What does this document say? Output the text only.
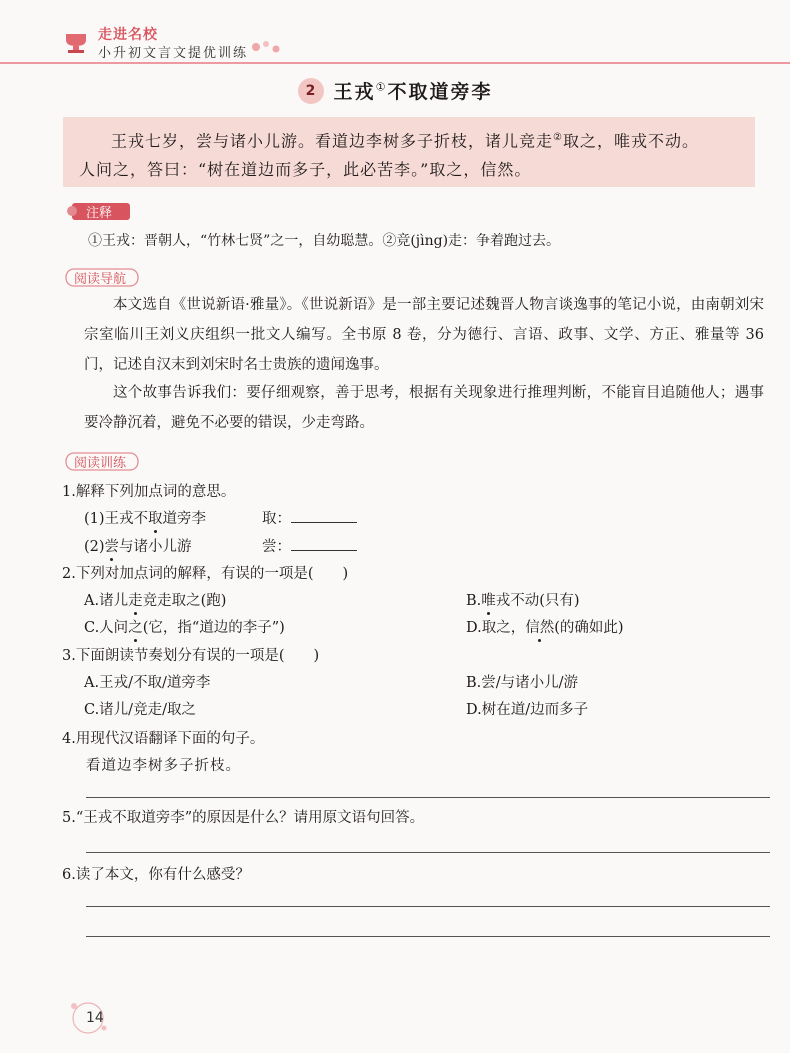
走进名校
小升初文言文提优训练
2 王戎①不取道旁李
王戎七岁，尝与诸小儿游。看道边李树多子折枝，诸儿竞走②取之，唯戎不动。
人问之，答曰：“树在道边而多子，此必苦李。”取之，信然。
注释
①王戎：晋朝人，“竹林七贤”之一，自幼聪慧。②竞(jìng)走：争着跑过去。
阅读导航
本文选自《世说新语·雅量》。《世说新语》是一部主要记述魏晋人物言谈逸事的笔记小说，由南朝刘宋宗室临川王刘义庆组织一批文人编写。全书原 8 卷，分为德行、言语、政事、文学、方正、雅量等 36 门，记述自汉末到刘宋时名士贵族的遗闻逸事。
这个故事告诉我们：要仔细观察，善于思考，根据有关现象进行推理判断，不能盲目追随他人；遇事要冷静沉着，避免不必要的错误，少走弯路。
阅读训练
1.解释下列加点词的意思。
(1)王戎不取道旁李	取：
(2)尝与诸小儿游	尝：
2.下列对加点词的解释，有误的一项是(　　)
A.诸儿走竞走取之(跑)	B.唯戎不动(只有)
C.人问之(它，指“道边的李子”)	D.取之，信然(的确如此)
3.下面朗读节奏划分有误的一项是(　　)
A.王戎/不取/道旁李	B.尝/与诸小儿/游
C.诸儿/竞走/取之	D.树在道/边而多子
4.用现代汉语翻译下面的句子。
看道边李树多子折枝。
5.“王戎不取道旁李”的原因是什么？请用原文语句回答。
6.读了本文，你有什么感受？
14
